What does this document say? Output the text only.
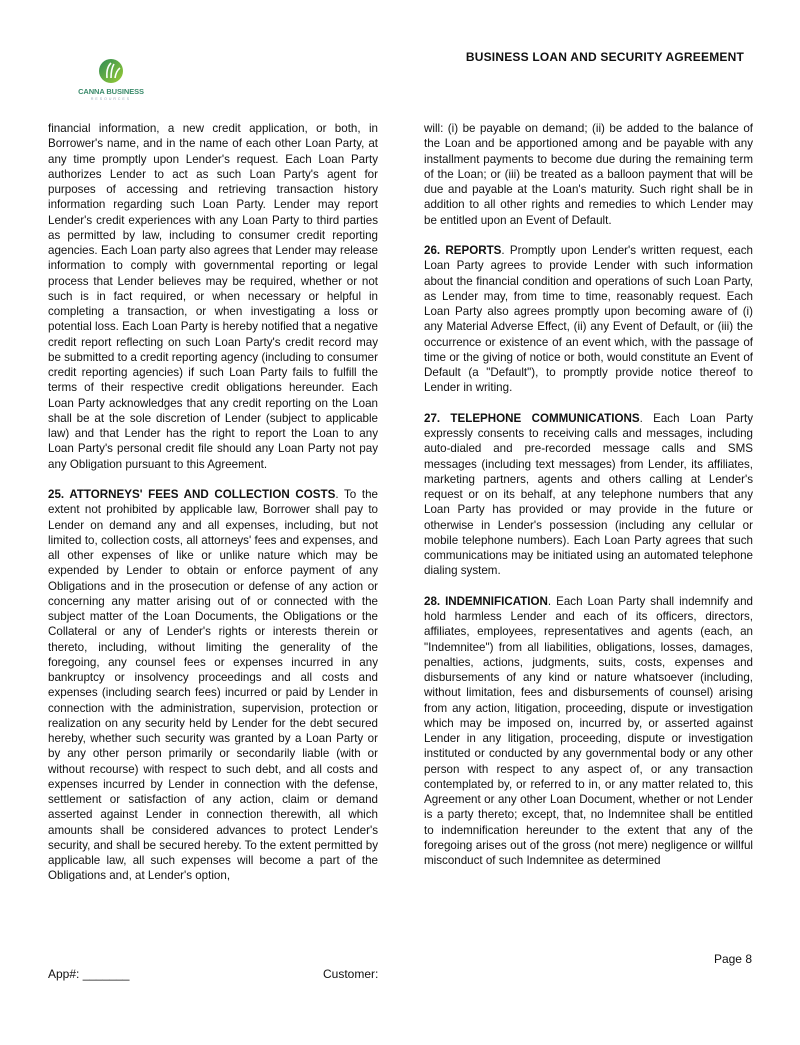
BUSINESS LOAN AND SECURITY AGREEMENT
CANNA BUSINESS
RESOURCES

financial information, a new credit application, or both, in Borrower's name, and in the name of each other Loan Party, at any time promptly upon Lender's request. Each Loan Party authorizes Lender to act as such Loan Party's agent for purposes of accessing and retrieving transaction history information regarding such Loan Party. Lender may report Lender's credit experiences with any Loan Party to third parties as permitted by law, including to consumer credit reporting agencies. Each Loan party also agrees that Lender may release information to comply with governmental reporting or legal process that Lender believes may be required, whether or not such is in fact required, or when necessary or helpful in completing a transaction, or when investigating a loss or potential loss. Each Loan Party is hereby notified that a negative credit report reflecting on such Loan Party's credit record may be submitted to a credit reporting agency (including to consumer credit reporting agencies) if such Loan Party fails to fulfill the terms of their respective credit obligations hereunder. Each Loan Party acknowledges that any credit reporting on the Loan shall be at the sole discretion of Lender (subject to applicable law) and that Lender has the right to report the Loan to any Loan Party's personal credit file should any Loan Party not pay any Obligation pursuant to this Agreement.

25. ATTORNEYS' FEES AND COLLECTION COSTS. To the extent not prohibited by applicable law, Borrower shall pay to Lender on demand any and all expenses, including, but not limited to, collection costs, all attorneys' fees and expenses, and all other expenses of like or unlike nature which may be expended by Lender to obtain or enforce payment of any Obligations and in the prosecution or defense of any action or concerning any matter arising out of or connected with the subject matter of the Loan Documents, the Obligations or the Collateral or any of Lender's rights or interests therein or thereto, including, without limiting the generality of the foregoing, any counsel fees or expenses incurred in any bankruptcy or insolvency proceedings and all costs and expenses (including search fees) incurred or paid by Lender in connection with the administration, supervision, protection or realization on any security held by Lender for the debt secured hereby, whether such security was granted by a Loan Party or by any other person primarily or secondarily liable (with or without recourse) with respect to such debt, and all costs and expenses incurred by Lender in connection with the defense, settlement or satisfaction of any action, claim or demand asserted against Lender in connection therewith, all which amounts shall be considered advances to protect Lender's security, and shall be secured hereby. To the extent permitted by applicable law, all such expenses will become a part of the Obligations and, at Lender's option,

will: (i) be payable on demand; (ii) be added to the balance of the Loan and be apportioned among and be payable with any installment payments to become due during the remaining term of the Loan; or (iii) be treated as a balloon payment that will be due and payable at the Loan's maturity. Such right shall be in addition to all other rights and remedies to which Lender may be entitled upon an Event of Default.

26. REPORTS. Promptly upon Lender's written request, each Loan Party agrees to provide Lender with such information about the financial condition and operations of such Loan Party, as Lender may, from time to time, reasonably request. Each Loan Party also agrees promptly upon becoming aware of (i) any Material Adverse Effect, (ii) any Event of Default, or (iii) the occurrence or existence of an event which, with the passage of time or the giving of notice or both, would constitute an Event of Default (a "Default"), to promptly provide notice thereof to Lender in writing.

27. TELEPHONE COMMUNICATIONS. Each Loan Party expressly consents to receiving calls and messages, including auto-dialed and pre-recorded message calls and SMS messages (including text messages) from Lender, its affiliates, marketing partners, agents and others calling at Lender's request or on its behalf, at any telephone numbers that any Loan Party has provided or may provide in the future or otherwise in Lender's possession (including any cellular or mobile telephone numbers). Each Loan Party agrees that such communications may be initiated using an automated telephone dialing system.

28. INDEMNIFICATION. Each Loan Party shall indemnify and hold harmless Lender and each of its officers, directors, affiliates, employees, representatives and agents (each, an "Indemnitee") from all liabilities, obligations, losses, damages, penalties, actions, judgments, suits, costs, expenses and disbursements of any kind or nature whatsoever (including, without limitation, fees and disbursements of counsel) arising from any action, litigation, proceeding, dispute or investigation which may be imposed on, incurred by, or asserted against Lender in any litigation, proceeding, dispute or investigation instituted or conducted by any governmental body or any other person with respect to any aspect of, or any transaction contemplated by, or referred to in, or any matter related to, this Agreement or any other Loan Document, whether or not Lender is a party thereto; except, that, no Indemnitee shall be entitled to indemnification hereunder to the extent that any of the foregoing arises out of the gross (not mere) negligence or willful misconduct of such Indemnitee as determined

Page 8
App#: _______	Customer:
